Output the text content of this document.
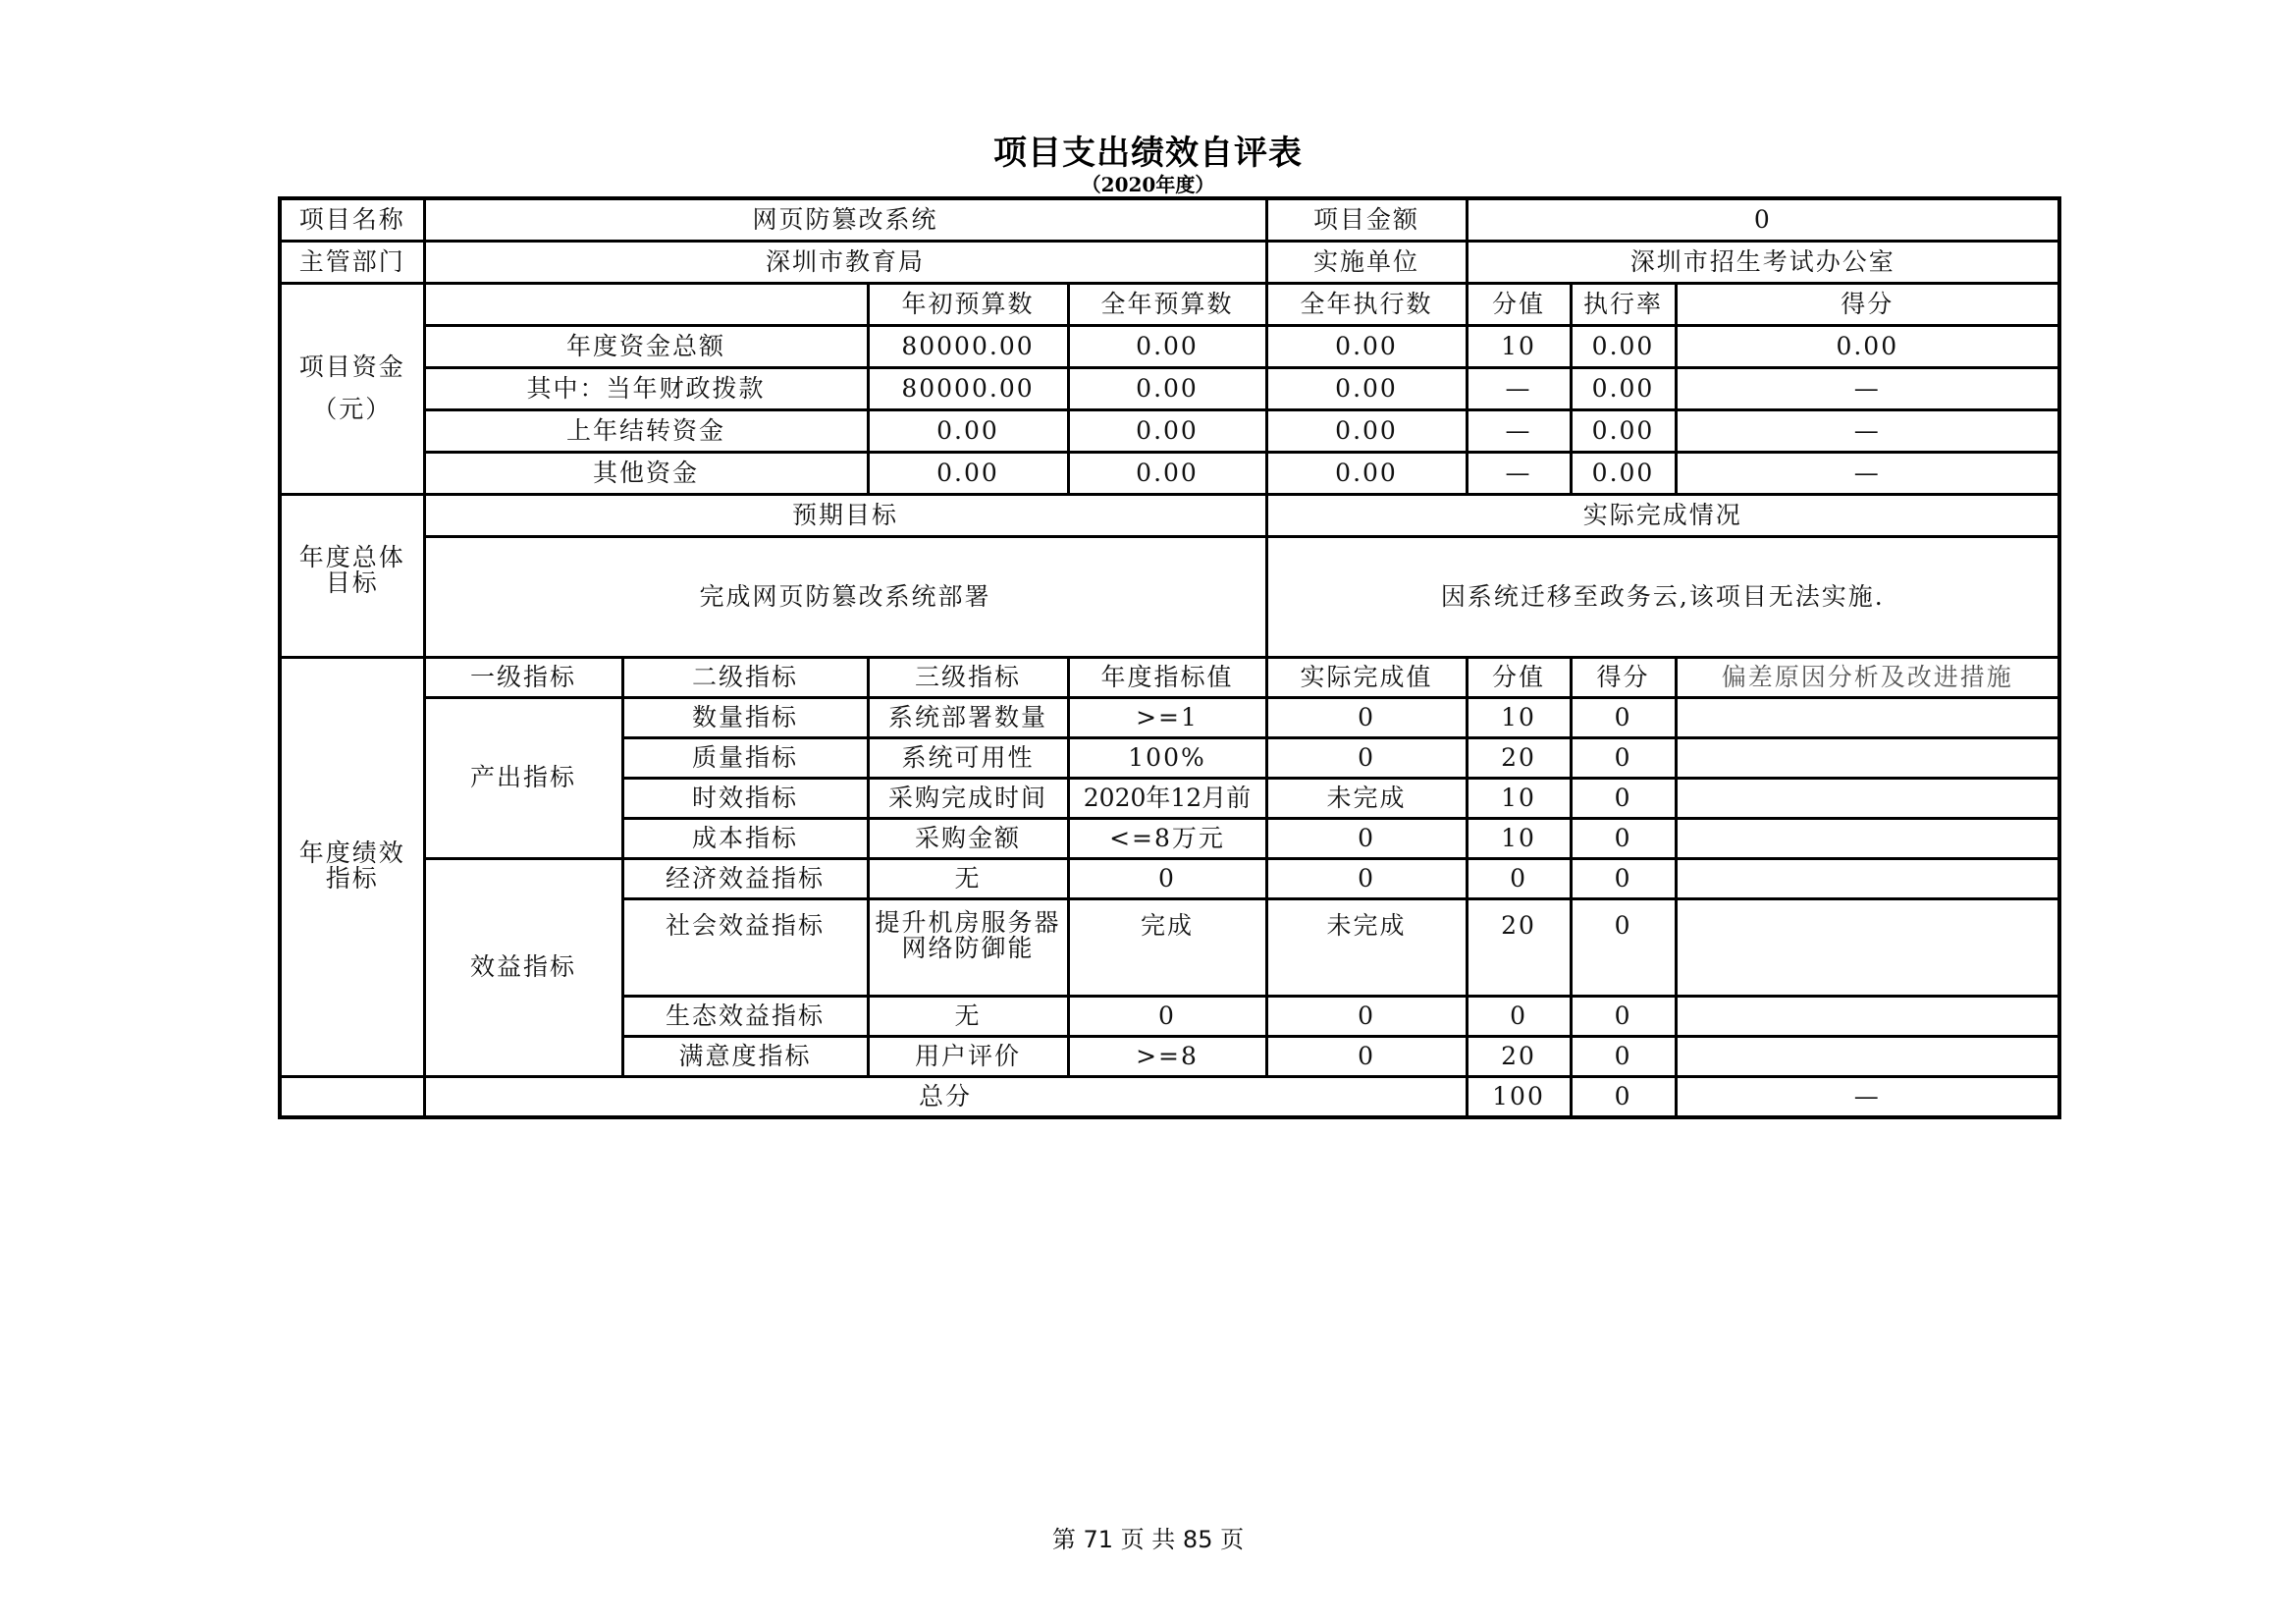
项目支出绩效自评表
（2020年度）
项目名称	网页防篡改系统				项目金额	0		
主管部门	深圳市教育局				实施单位	深圳市招生考试办公室		

项目资金
（元）			年初预算数	全年预算数	全年执行数	分值	执行率	得分
	年度资金总额		80000.00	0.00	0.00	10	0.00	0.00
	其中：当年财政拨款		80000.00	0.00	0.00	—	0.00	—
	上年结转资金		0.00	0.00	0.00	—	0.00	—
	其他资金		0.00	0.00	0.00	—	0.00	—
年度总体目标	预期目标				实际完成情况			
	完成网页防篡改系统部署				因系统迁移至政务云,该项目无法实施.			
年度绩效指标	一级指标	二级指标	三级指标	年度指标值	实际完成值	分值	得分	偏差原因分析及改进措施
	产出指标	数量指标	系统部署数量	>=1	0	10	0	
		质量指标	系统可用性	100%	0	20	0	
		时效指标	采购完成时间	2020年12月前	未完成	10	0	
		成本指标	采购金额	<=8万元	0	10	0	
	效益指标	经济效益指标	无	0	0	0	0	
		社会效益指标	提升机房服务器网络防御能	完成	未完成	20	0	
		生态效益指标	无	0	0	0	0	
		满意度指标	用户评价	>=8	0	20	0	
	总分					100	0	—
第 71 页 共 85 页
